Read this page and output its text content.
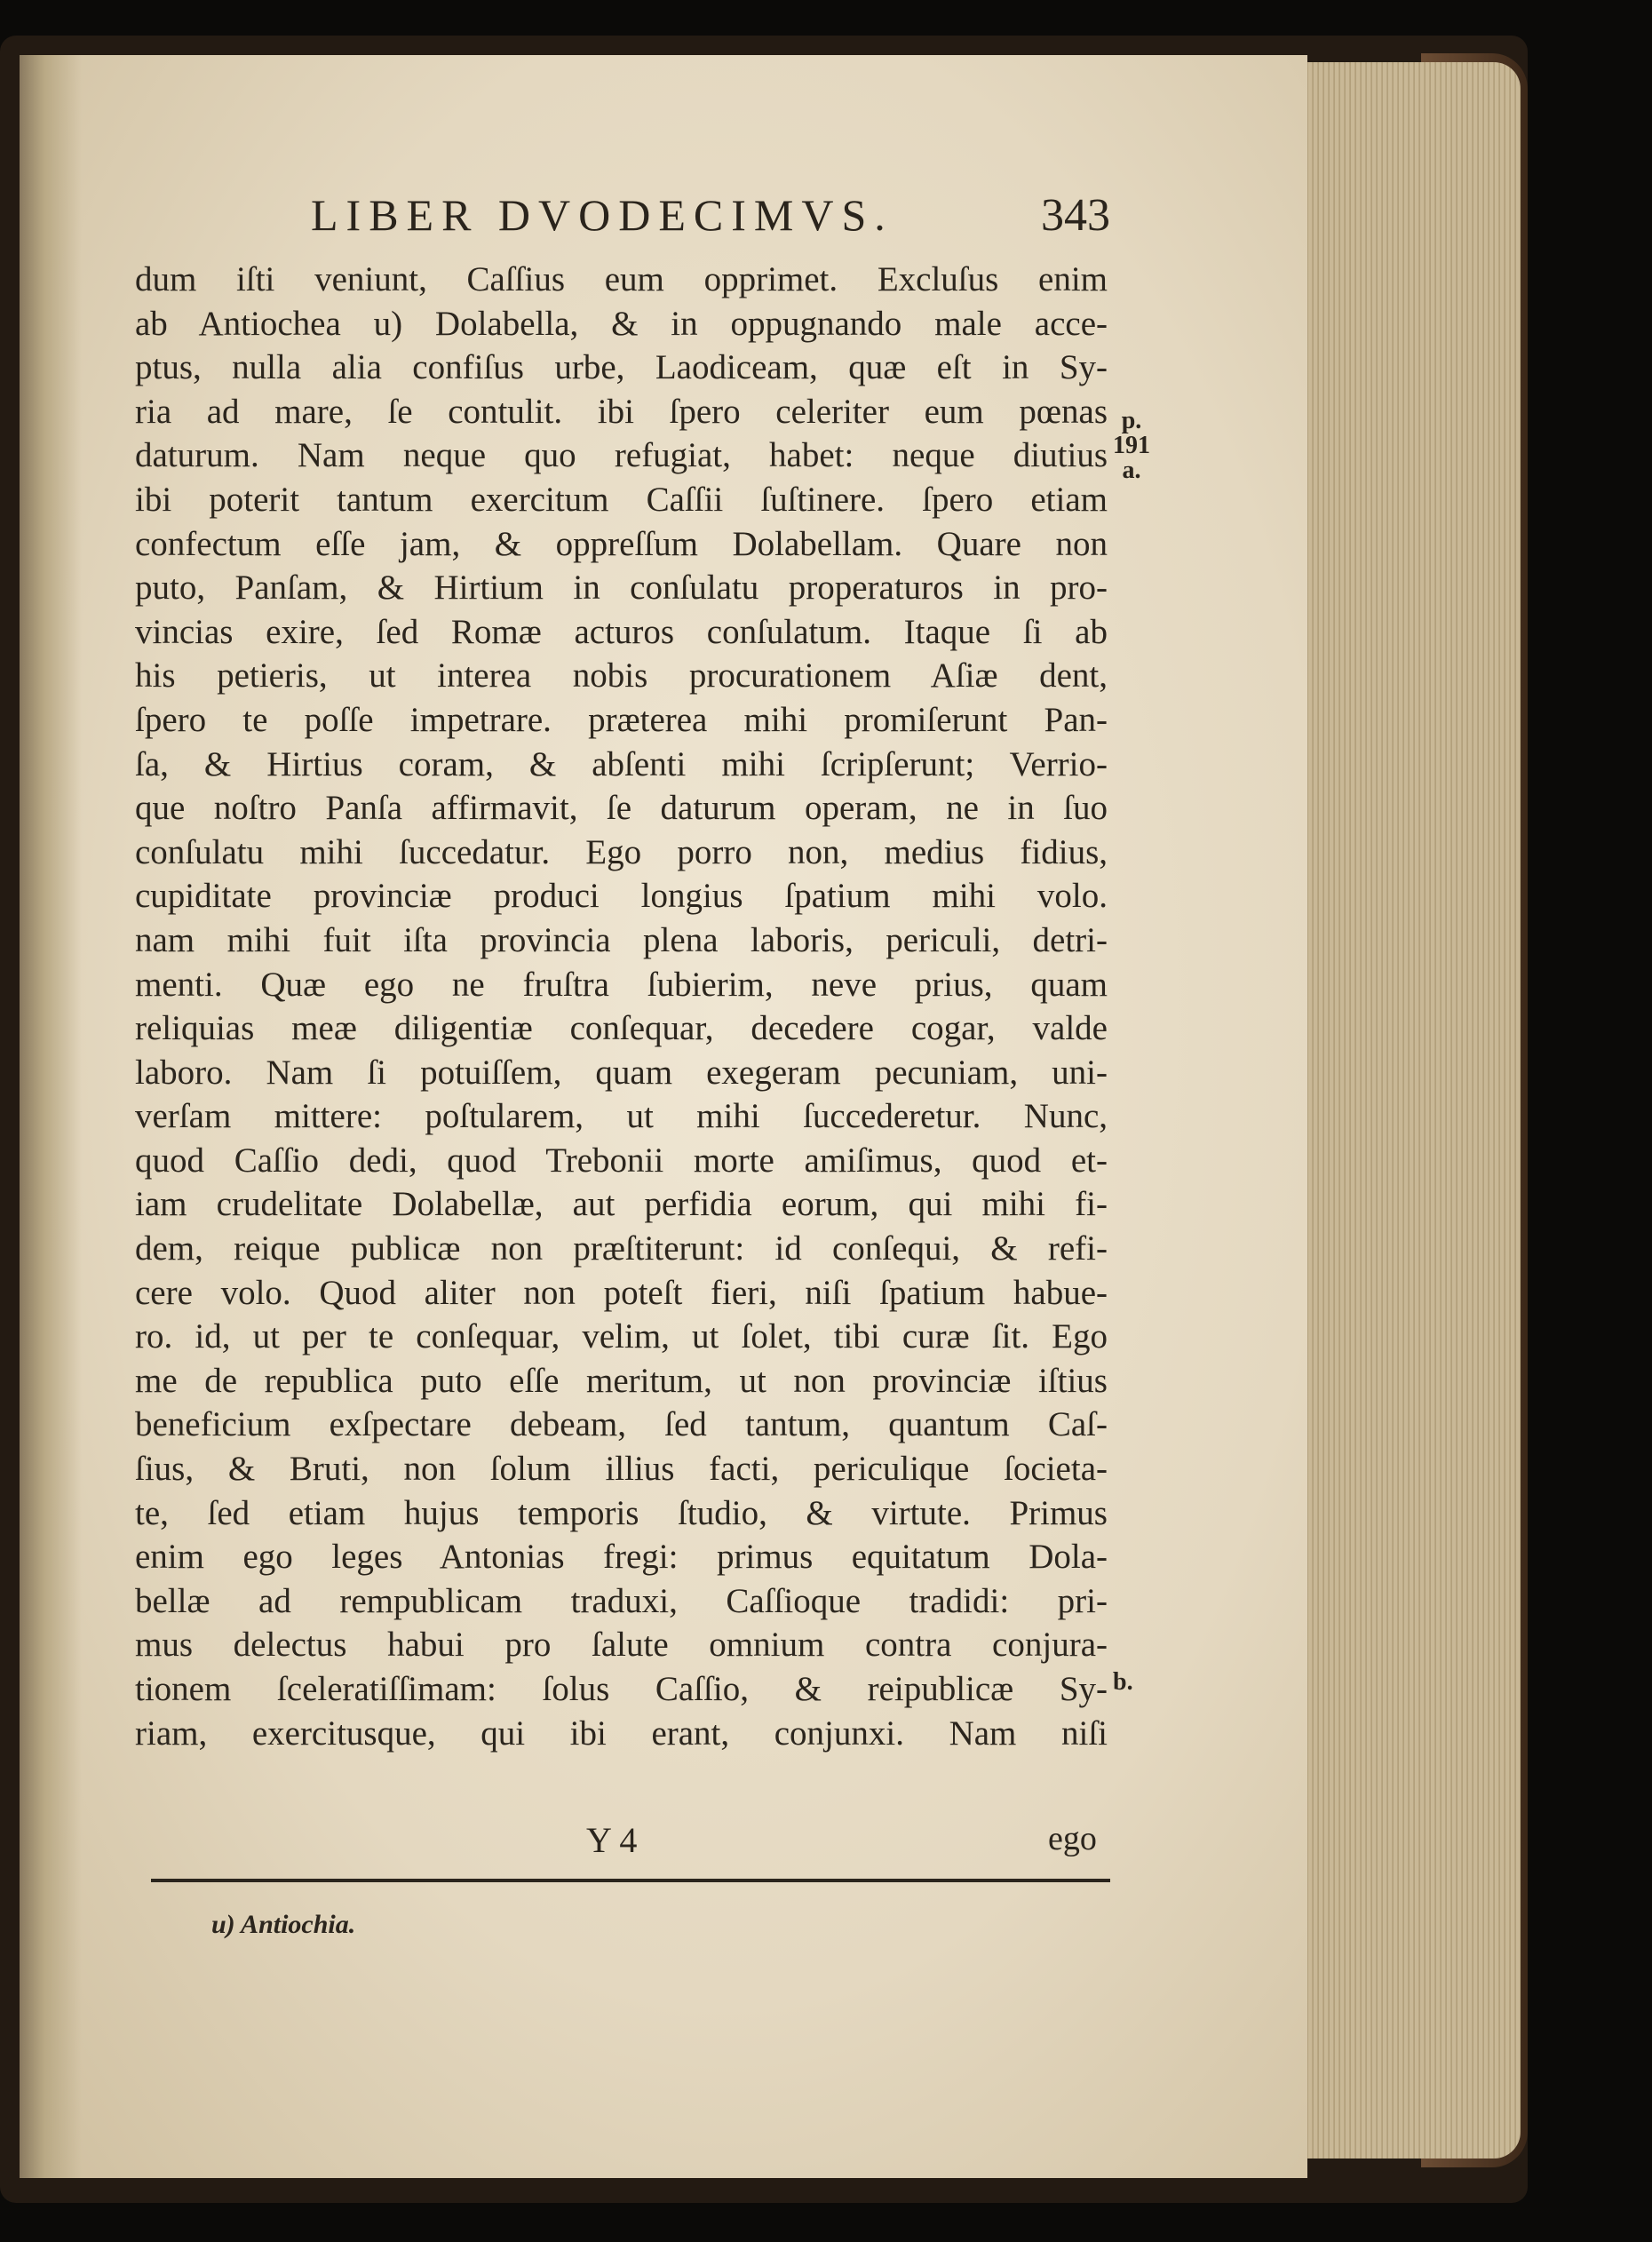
LIBER DVODECIMVS.	343
dum iſti veniunt, Caſſius eum opprimet. Excluſus enim
ab Antiochea u) Dolabella, & in oppugnando male acce-
ptus, nulla alia confiſus urbe, Laodiceam, quæ eſt in Sy-
ria ad mare, ſe contulit. ibi ſpero celeriter eum pœnas
daturum. Nam neque quo refugiat, habet: neque diutius
ibi poterit tantum exercitum Caſſii ſuſtinere. ſpero etiam
confectum eſſe jam, & oppreſſum Dolabellam. Quare non
puto, Panſam, & Hirtium in conſulatu properaturos in pro-
vincias exire, ſed Romæ acturos conſulatum. Itaque ſi ab
his petieris, ut interea nobis procurationem Aſiæ dent,
ſpero te poſſe impetrare. præterea mihi promiſerunt Pan-
ſa, & Hirtius coram, & abſenti mihi ſcripſerunt; Verrio-
que noſtro Panſa affirmavit, ſe daturum operam, ne in ſuo
conſulatu mihi ſuccedatur. Ego porro non, medius fidius,
cupiditate provinciæ produci longius ſpatium mihi volo.
nam mihi fuit iſta provincia plena laboris, periculi, detri-
menti. Quæ ego ne fruſtra ſubierim, neve prius, quam
reliquias meæ diligentiæ conſequar, decedere cogar, valde
laboro. Nam ſi potuiſſem, quam exegeram pecuniam, uni-
verſam mittere: poſtularem, ut mihi ſuccederetur. Nunc,
quod Caſſio dedi, quod Trebonii morte amiſimus, quod et-
iam crudelitate Dolabellæ, aut perfidia eorum, qui mihi fi-
dem, reique publicæ non præſtiterunt: id conſequi, & refi-
cere volo. Quod aliter non poteſt fieri, niſi ſpatium habue-
ro. id, ut per te conſequar, velim, ut ſolet, tibi curæ ſit. Ego
me de republica puto eſſe meritum, ut non provinciæ iſtius
beneficium exſpectare debeam, ſed tantum, quantum Caſ-
ſius, & Bruti, non ſolum illius facti, periculique ſocieta-
te, ſed etiam hujus temporis ſtudio, & virtute. Primus
enim ego leges Antonias fregi: primus equitatum Dola-
bellæ ad rempublicam traduxi, Caſſioque tradidi: pri-
mus delectus habui pro ſalute omnium contra conjura-
tionem ſceleratiſſimam: ſolus Caſſio, & reipublicæ Sy-
riam, exercitusque, qui ibi erant, conjunxi. Nam niſi
p.
191
a.
b.
Y 4	ego
u) Antiochia.
